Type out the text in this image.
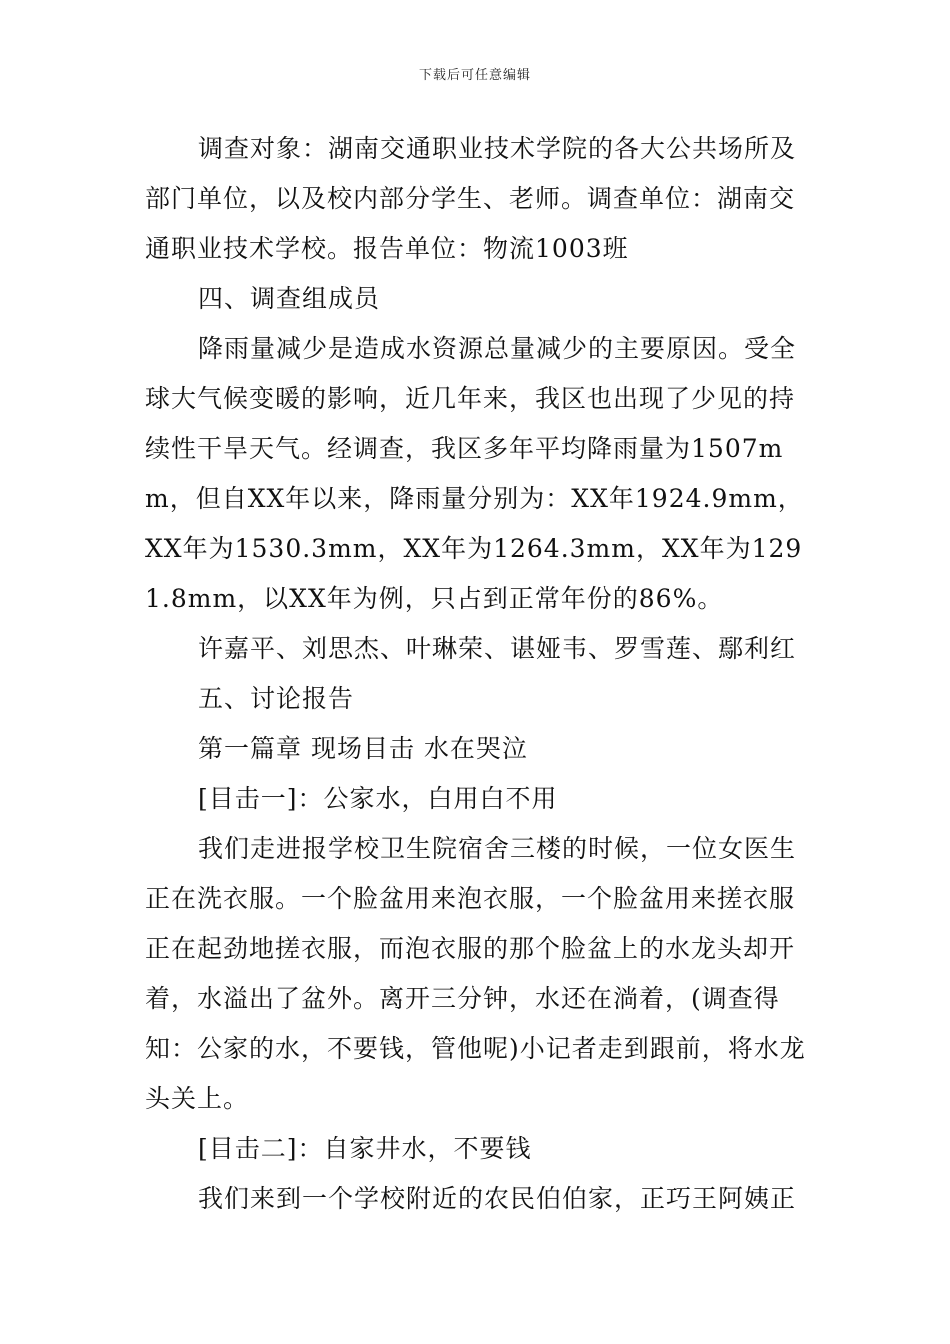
下载后可任意编辑

调查对象：湖南交通职业技术学院的各大公共场所及部门单位，以及校内部分学生、老师。调查单位：湖南交通职业技术学校。报告单位：物流1003班

四、调查组成员

降雨量减少是造成水资源总量减少的主要原因。受全球大气候变暖的影响，近几年来，我区也出现了少见的持续性干旱天气。经调查，我区多年平均降雨量为1507mm，但自XX年以来，降雨量分别为：XX年1924.9mm，XX年为1530.3mm，XX年为1264.3mm，XX年为1291.8mm，以XX年为例，只占到正常年份的86%。

许嘉平、刘思杰、叶琳荣、谌娅韦、罗雪莲、鄢利红

五、讨论报告

第一篇章 现场目击 水在哭泣

[目击一]：公家水，白用白不用

我们走进报学校卫生院宿舍三楼的时候，一位女医生正在洗衣服。一个脸盆用来泡衣服，一个脸盆用来搓衣服正在起劲地搓衣服，而泡衣服的那个脸盆上的水龙头却开着，水溢出了盆外。离开三分钟，水还在淌着，(调查得知：公家的水，不要钱，管他呢)小记者走到跟前，将水龙头关上。

[目击二]：自家井水，不要钱

我们来到一个学校附近的农民伯伯家，正巧王阿姨正
